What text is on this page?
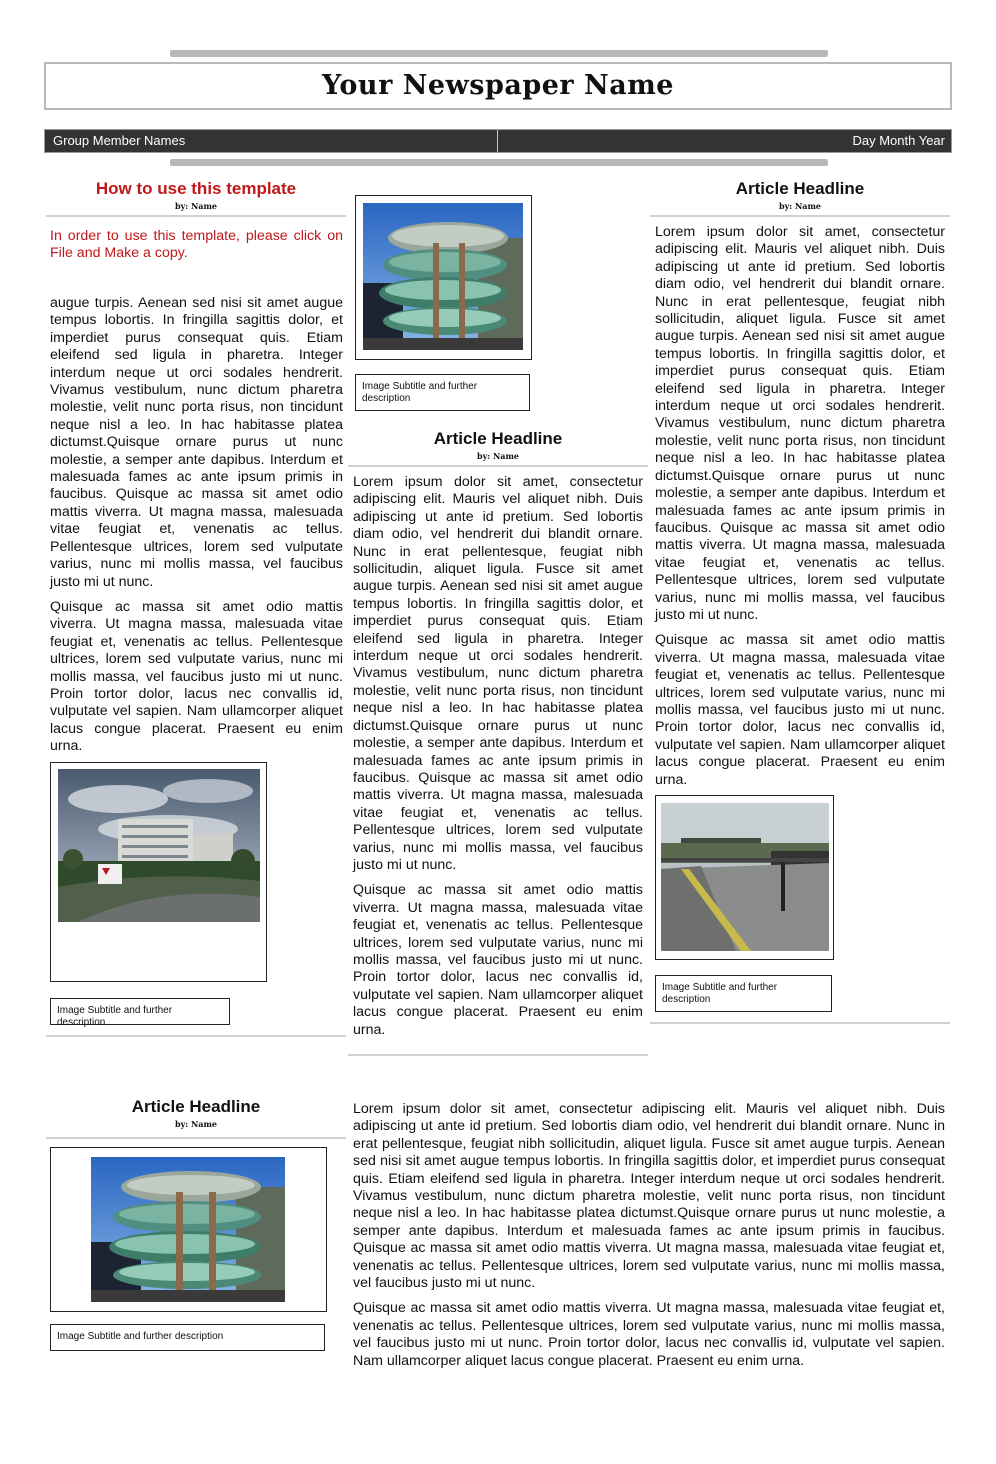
Your Newspaper Name
Group Member Names	Day Month Year
How to use this template
by: Name
In order to use this template, please click on File and Make a copy.

augue turpis. Aenean sed nisi sit amet augue tempus lobortis. In fringilla sagittis dolor, et imperdiet purus consequat quis. Etiam eleifend sed ligula in pharetra. Integer interdum neque ut orci sodales hendrerit. Vivamus vestibulum, nunc dictum pharetra molestie, velit nunc porta risus, non tincidunt neque nisl a leo. In hac habitasse platea dictumst.Quisque ornare purus ut nunc molestie, a semper ante dapibus. Interdum et malesuada fames ac ante ipsum primis in faucibus. Quisque ac massa sit amet odio mattis viverra. Ut magna massa, malesuada vitae feugiat et, venenatis ac tellus. Pellentesque ultrices, lorem sed vulputate varius, nunc mi mollis massa, vel faucibus justo mi ut nunc.

Quisque ac massa sit amet odio mattis viverra. Ut magna massa, malesuada vitae feugiat et, venenatis ac tellus. Pellentesque ultrices, lorem sed vulputate varius, nunc mi mollis massa, vel faucibus justo mi ut nunc. Proin tortor dolor, lacus nec convallis id, vulputate vel sapien. Nam ullamcorper aliquet lacus congue placerat. Praesent eu enim urna.

Image Subtitle and further description
Image Subtitle and further description
Article Headline
by: Name

Lorem ipsum dolor sit amet, consectetur adipiscing elit. Mauris vel aliquet nibh. Duis adipiscing ut ante id pretium. Sed lobortis diam odio, vel hendrerit dui blandit ornare. Nunc in erat pellentesque, feugiat nibh sollicitudin, aliquet ligula. Fusce sit amet augue turpis. Aenean sed nisi sit amet augue tempus lobortis. In fringilla sagittis dolor, et imperdiet purus consequat quis. Etiam eleifend sed ligula in pharetra. Integer interdum neque ut orci sodales hendrerit. Vivamus vestibulum, nunc dictum pharetra molestie, velit nunc porta risus, non tincidunt neque nisl a leo. In hac habitasse platea dictumst.Quisque ornare purus ut nunc molestie, a semper ante dapibus. Interdum et malesuada fames ac ante ipsum primis in faucibus. Quisque ac massa sit amet odio mattis viverra. Ut magna massa, malesuada vitae feugiat et, venenatis ac tellus. Pellentesque ultrices, lorem sed vulputate varius, nunc mi mollis massa, vel faucibus justo mi ut nunc.

Quisque ac massa sit amet odio mattis viverra. Ut magna massa, malesuada vitae feugiat et, venenatis ac tellus. Pellentesque ultrices, lorem sed vulputate varius, nunc mi mollis massa, vel faucibus justo mi ut nunc. Proin tortor dolor, lacus nec convallis id, vulputate vel sapien. Nam ullamcorper aliquet lacus congue placerat. Praesent eu enim urna.

Article Headline
by: Name

Lorem ipsum dolor sit amet, consectetur adipiscing elit. Mauris vel aliquet nibh. Duis adipiscing ut ante id pretium. Sed lobortis diam odio, vel hendrerit dui blandit ornare. Nunc in erat pellentesque, feugiat nibh sollicitudin, aliquet ligula. Fusce sit amet augue turpis. Aenean sed nisi sit amet augue tempus lobortis. In fringilla sagittis dolor, et imperdiet purus consequat quis. Etiam eleifend sed ligula in pharetra. Integer interdum neque ut orci sodales hendrerit. Vivamus vestibulum, nunc dictum pharetra molestie, velit nunc porta risus, non tincidunt neque nisl a leo. In hac habitasse platea dictumst.Quisque ornare purus ut nunc molestie, a semper ante dapibus. Interdum et malesuada fames ac ante ipsum primis in faucibus. Quisque ac massa sit amet odio mattis viverra. Ut magna massa, malesuada vitae feugiat et, venenatis ac tellus. Pellentesque ultrices, lorem sed vulputate varius, nunc mi mollis massa, vel faucibus justo mi ut nunc.

Quisque ac massa sit amet odio mattis viverra. Ut magna massa, malesuada vitae feugiat et, venenatis ac tellus. Pellentesque ultrices, lorem sed vulputate varius, nunc mi mollis massa, vel faucibus justo mi ut nunc. Proin tortor dolor, lacus nec convallis id, vulputate vel sapien. Nam ullamcorper aliquet lacus congue placerat. Praesent eu enim urna.

Image Subtitle and further description
Article Headline
by: Name
Image Subtitle and further description

Lorem ipsum dolor sit amet, consectetur adipiscing elit. Mauris vel aliquet nibh. Duis adipiscing ut ante id pretium. Sed lobortis diam odio, vel hendrerit dui blandit ornare. Nunc in erat pellentesque, feugiat nibh sollicitudin, aliquet ligula. Fusce sit amet augue turpis. Aenean sed nisi sit amet augue tempus lobortis. In fringilla sagittis dolor, et imperdiet purus consequat quis. Etiam eleifend sed ligula in pharetra. Integer interdum neque ut orci sodales hendrerit. Vivamus vestibulum, nunc dictum pharetra molestie, velit nunc porta risus, non tincidunt neque nisl a leo. In hac habitasse platea dictumst.Quisque ornare purus ut nunc molestie, a semper ante dapibus. Interdum et malesuada fames ac ante ipsum primis in faucibus. Quisque ac massa sit amet odio mattis viverra. Ut magna massa, malesuada vitae feugiat et, venenatis ac tellus. Pellentesque ultrices, lorem sed vulputate varius, nunc mi mollis massa, vel faucibus justo mi ut nunc.

Quisque ac massa sit amet odio mattis viverra. Ut magna massa, malesuada vitae feugiat et, venenatis ac tellus. Pellentesque ultrices, lorem sed vulputate varius, nunc mi mollis massa, vel faucibus justo mi ut nunc. Proin tortor dolor, lacus nec convallis id, vulputate vel sapien. Nam ullamcorper aliquet lacus congue placerat. Praesent eu enim urna.
